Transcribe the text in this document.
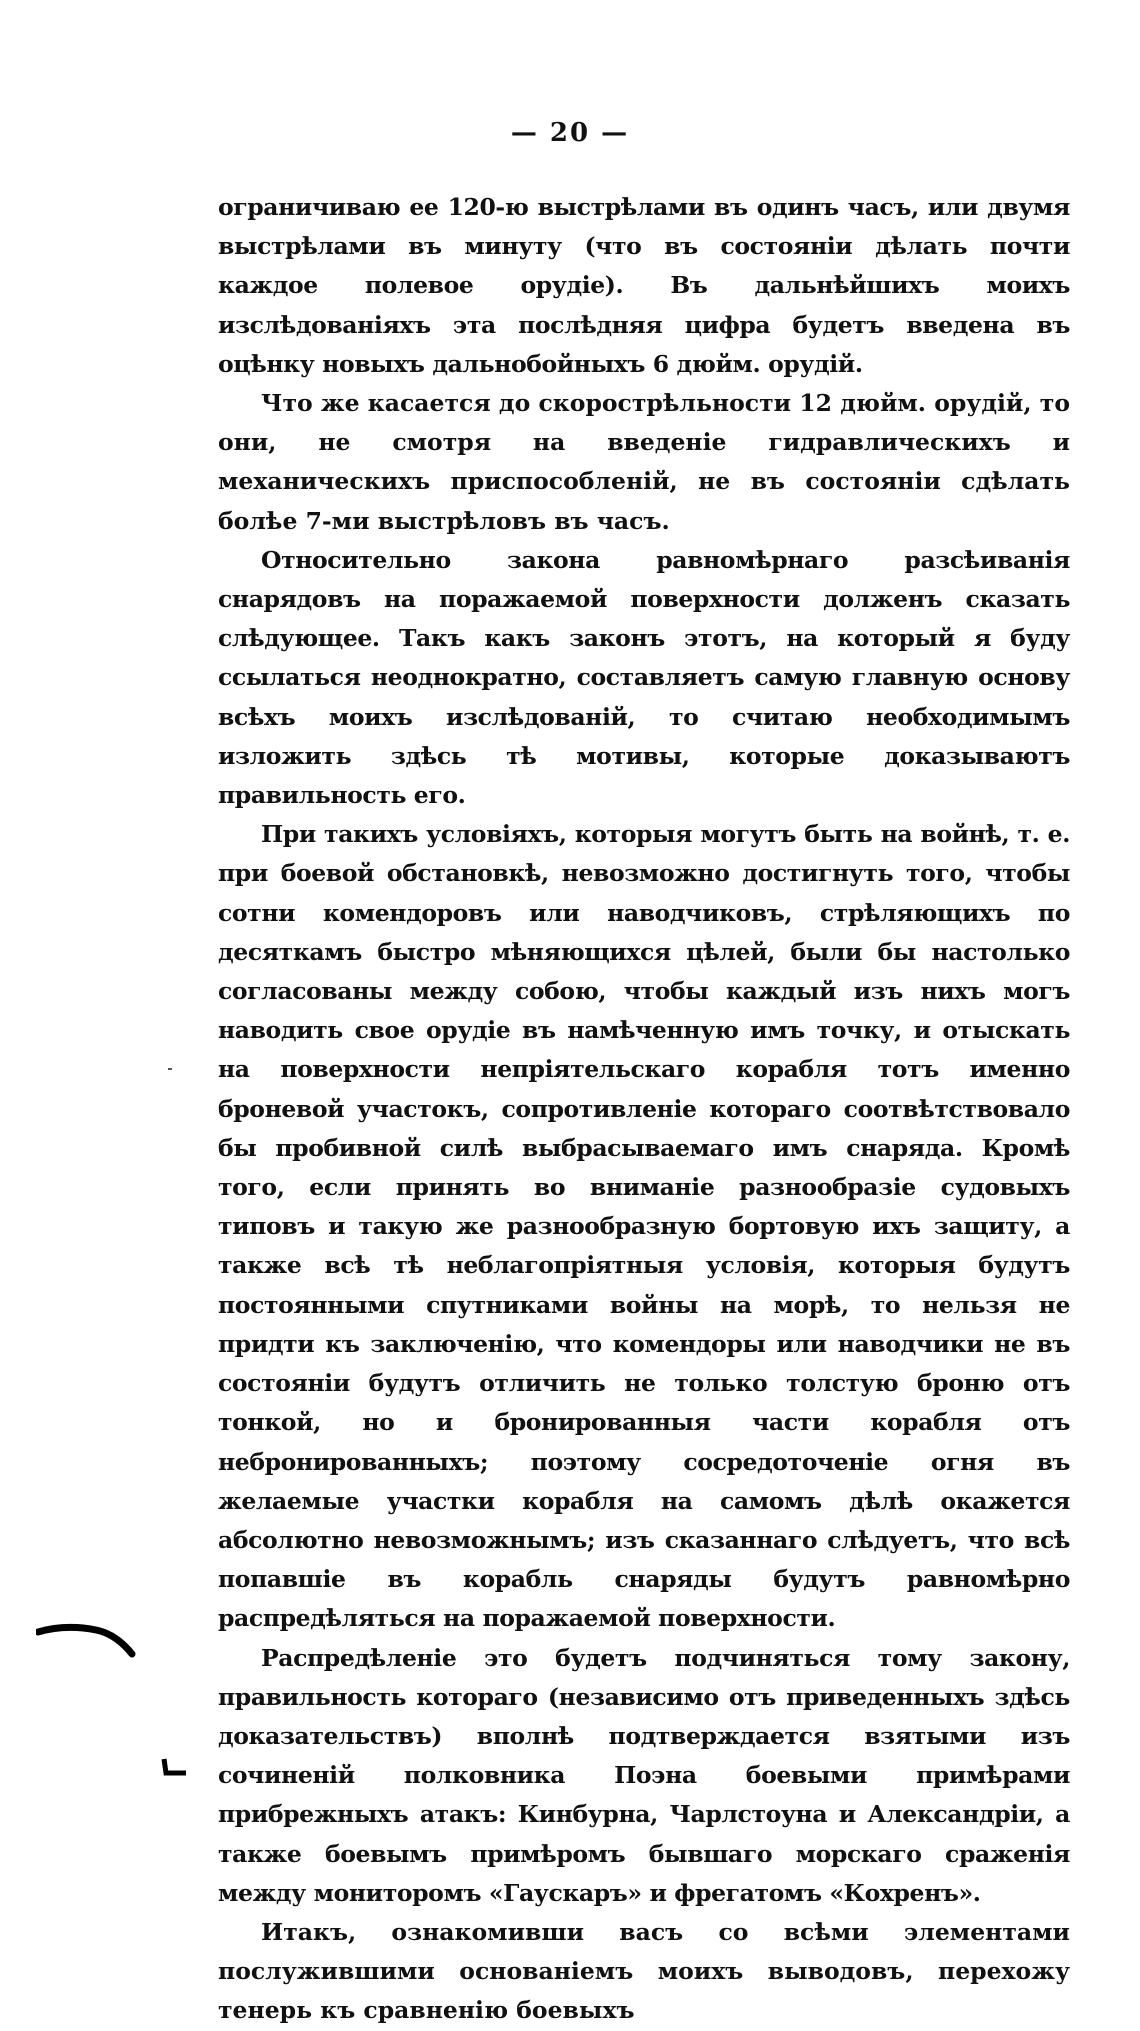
— 20 —

ограничиваю ее 120-ю выстрѣлами въ одинъ часъ, или двумя выстрѣлами въ минуту (что въ состояніи дѣлать почти каждое полевое орудіе). Въ дальнѣйшихъ моихъ изслѣдованіяхъ эта послѣдняя цифра будетъ введена въ оцѣнку новыхъ дальнобойныхъ 6 дюйм. орудій.

Что же касается до скорострѣльности 12 дюйм. орудій, то они, не смотря на введеніе гидравлическихъ и механическихъ приспособленій, не въ состояніи сдѣлать болѣе 7-ми выстрѣловъ въ часъ.

Относительно закона равномѣрнаго разсѣиванія снарядовъ на поражаемой поверхности долженъ сказать слѣдующее. Такъ какъ законъ этотъ, на который я буду ссылаться неоднократно, составляетъ самую главную основу всѣхъ моихъ изслѣдованій, то считаю необходимымъ изложить здѣсь тѣ мотивы, которые доказываютъ правильность его.

При такихъ условіяхъ, которыя могутъ быть на войнѣ, т. е. при боевой обстановкѣ, невозможно достигнуть того, чтобы сотни комендоровъ или наводчиковъ, стрѣляющихъ по десяткамъ быстро мѣняющихся цѣлей, были бы настолько согласованы между собою, чтобы каждый изъ нихъ могъ наводить свое орудіе въ намѣченную имъ точку, и отыскать на поверхности непріятельскаго корабля тотъ именно броневой участокъ, сопротивленіе котораго соотвѣтствовало бы пробивной силѣ выбрасываемаго имъ снаряда. Кромѣ того, если принять во вниманіе разнообразіе судовыхъ типовъ и такую же разнообразную бортовую ихъ защиту, а также всѣ тѣ неблагопріятныя условія, которыя будутъ постоянными спутниками войны на морѣ, то нельзя не придти къ заключенію, что комендоры или наводчики не въ состояніи будутъ отличить не только толстую броню отъ тонкой, но и бронированныя части корабля отъ небронированныхъ; поэтому сосредоточеніе огня въ желаемые участки корабля на самомъ дѣлѣ окажется абсолютно невозможнымъ; изъ сказаннаго слѣдуетъ, что всѣ попавшіе въ корабль снаряды будутъ равномѣрно распредѣляться на поражаемой поверхности.

Распредѣленіе это будетъ подчиняться тому закону, правильность котораго (независимо отъ приведенныхъ здѣсь доказательствъ) вполнѣ подтверждается взятыми изъ сочиненій полковника Поэна боевыми примѣрами прибрежныхъ атакъ: Кинбурна, Чарлстоуна и Александріи, а также боевымъ примѣромъ бывшаго морскаго сраженія между мониторомъ «Гаускаръ» и фрегатомъ «Кохренъ».

Итакъ, ознакомивши васъ со всѣми элементами послужившими основаніемъ моихъ выводовъ, перехожу тенерь къ сравненію боевыхъ
